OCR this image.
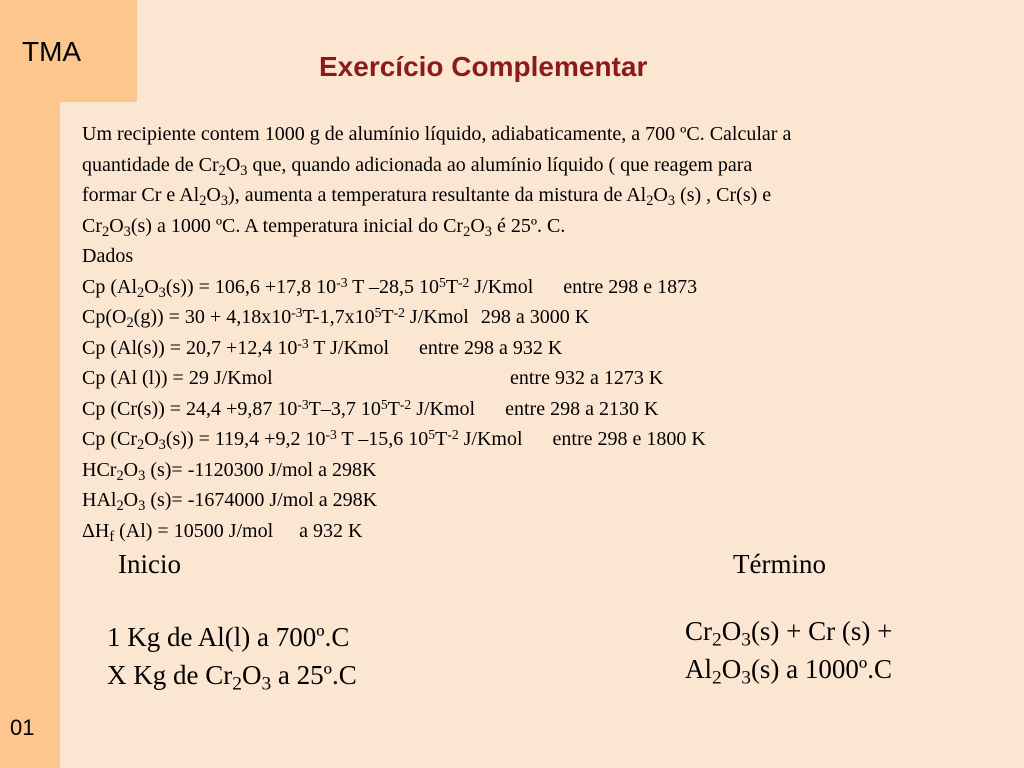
TMA
01
Exercício Complementar
Um recipiente contem 1000 g de alumínio líquido, adiabaticamente, a 700 ºC. Calcular a
quantidade de $Cr_2O_3$ que, quando adicionada ao alumínio líquido ( que reagem para
formar Cr e $Al_2O_3$), aumenta a temperatura resultante da mistura de $Al_2O_3$ (s) , Cr(s) e
$Cr_2O_3(s)$ a 1000 ºC. A temperatura inicial do $Cr_2O_3$ é 25º. C.
Dados
Cp $(Al_2O_3(s)) = 106,6 +17,8$ $10^{-3}$ T –28,5 $10^5T^{-2}$ J/Kmol entre 298 e 1873
$Cp(O_2(g)) = 30 + 4,18x10^{-3}T-1,7x10^5T^{-2}$ J/Kmol 298 a 3000 K
Cp (Al(s)) = 20,7 +12,4 $10^{-3}$ T J/Kmol entre 298 a 932 K
Cp (Al (l)) = 29 J/Kmol	entre 932 a 1273 K
Cp (Cr(s)) = 24,4 +9,87 $10^{-3}T-3,7$ $10^5T^{-2}$ J/Kmol entre 298 a 2130 K
Cp $(Cr_2O_3(s)) = 119,4 +9,2$ $10^{-3}$ T –15,6 $10^5T^{-2}$ J/Kmol entre 298 e 1800 K
$HCr_2O_3$ (s)= -1120300 J/mol a 298K
$HAl_2O_3$ (s)= -1674000 J/mol a 298K
$\Delta H_f$ (Al) = 10500 J/mol a 932 K
Inicio	Término
1 Kg de Al(l) a 700º.C
X Kg de $Cr_2O_3$ a 25º.C
$Cr_2O_3(s) + Cr$ (s) +
$Al_2O_3(s)$ a 1000º.C
